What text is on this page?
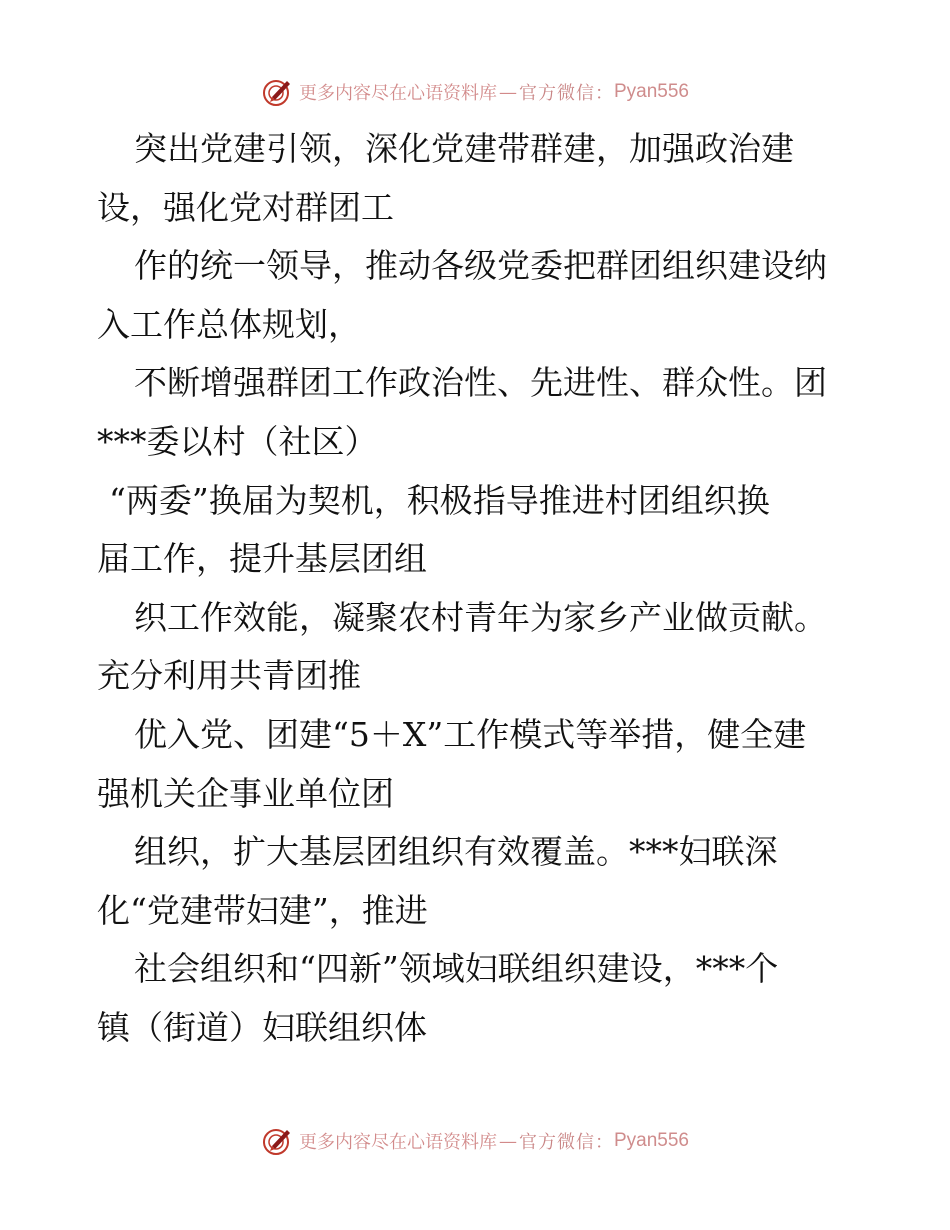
更多内容尽在心语资料库 — 官方微信： Pyan556
突出党建引领，深化党建带群建，加强政治建
设，强化党对群团工
作的统一领导，推动各级党委把群团组织建设纳
入工作总体规划，
不断增强群团工作政治性、先进性、群众性。团
***委以村（社区）
“两委”换届为契机，积极指导推进村团组织换
届工作，提升基层团组
织工作效能，凝聚农村青年为家乡产业做贡献。
充分利用共青团推
优入党、团建“5＋X”工作模式等举措，健全建
强机关企事业单位团
组织，扩大基层团组织有效覆盖。***妇联深
化“党建带妇建”，推进
社会组织和“四新”领域妇联组织建设，***个
镇（街道）妇联组织体
更多内容尽在心语资料库 — 官方微信： Pyan556
